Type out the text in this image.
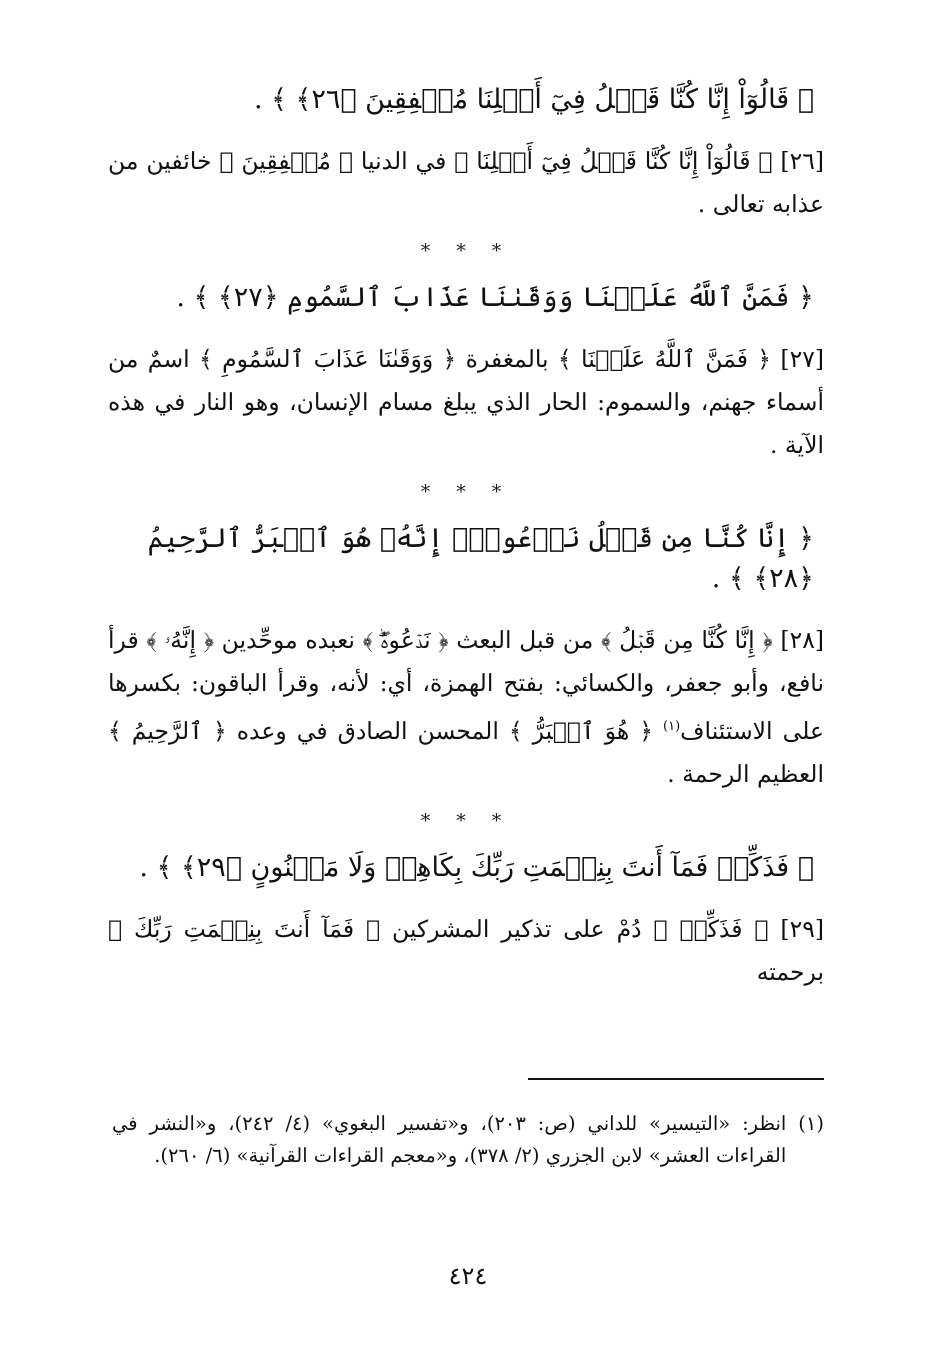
﴿ قَالُوٓاْ إِنَّا كُنَّا قَبۡلُ فِيٓ أَهۡلِنَا مُشۡفِقِينَ ﴿٢٦﴾ ﴾ .

[٢٦] ﴿ قَالُوٓاْ إِنَّا كُنَّا قَبۡلُ فِيٓ أَهۡلِنَا ﴾ في الدنيا ﴿ مُشۡفِقِينَ ﴾ خائفين من عذابه تعالى .

* * *

﴿ فَمَنَّ ٱللَّهُ عَلَيۡنَا وَوَقَىٰنَا عَذَابَ ٱلسَّمُومِ ﴿٢٧﴾ ﴾ .

[٢٧] ﴿ فَمَنَّ ٱللَّهُ عَلَيۡنَا ﴾ بالمغفرة ﴿ وَوَقَىٰنَا عَذَابَ ٱلسَّمُومِ ﴾ اسمٌ من أسماء جهنم، والسموم: الحار الذي يبلغ مسام الإنسان، وهو النار في هذه الآية .

* * *

﴿ إِنَّا كُنَّا مِن قَبۡلُ نَدۡعُوهُۖ إِنَّهُۥ هُوَ ٱلۡبَرُّ ٱلرَّحِيمُ ﴿٢٨﴾ ﴾ .

[٢٨] ﴿ إِنَّا كُنَّا مِن قَبۡلُ ﴾ من قبل البعث ﴿ نَدۡعُوهُۖ ﴾ نعبده موحِّدين ﴿ إِنَّهُۥ ﴾ قرأ نافع، وأبو جعفر، والكسائي: بفتح الهمزة، أي: لأنه، وقرأ الباقون: بكسرها على الاستئناف$^{(١)}$ ﴿ هُوَ ٱلۡبَرُّ ﴾ المحسن الصادق في وعده ﴿ ٱلرَّحِيمُ ﴾ العظيم الرحمة .

* * *

﴿ فَذَكِّرۡ فَمَآ أَنتَ بِنِعۡمَتِ رَبِّكَ بِكَاهِنٖ وَلَا مَجۡنُونٍ ﴿٢٩﴾ ﴾ .

[٢٩] ﴿ فَذَكِّرۡ ﴾ دُمْ على تذكير المشركين ﴿ فَمَآ أَنتَ بِنِعۡمَتِ رَبِّكَ ﴾ برحمته

(١)
انظر: «التيسير» للداني (ص: ٢٠٣)، و«تفسير البغوي» (٤/ ٢٤٢)، و«النشر في القراءات العشر» لابن الجزري (٢/ ٣٧٨)، و«معجم القراءات القرآنية» (٦/ ٢٦٠).
٤٢٤
